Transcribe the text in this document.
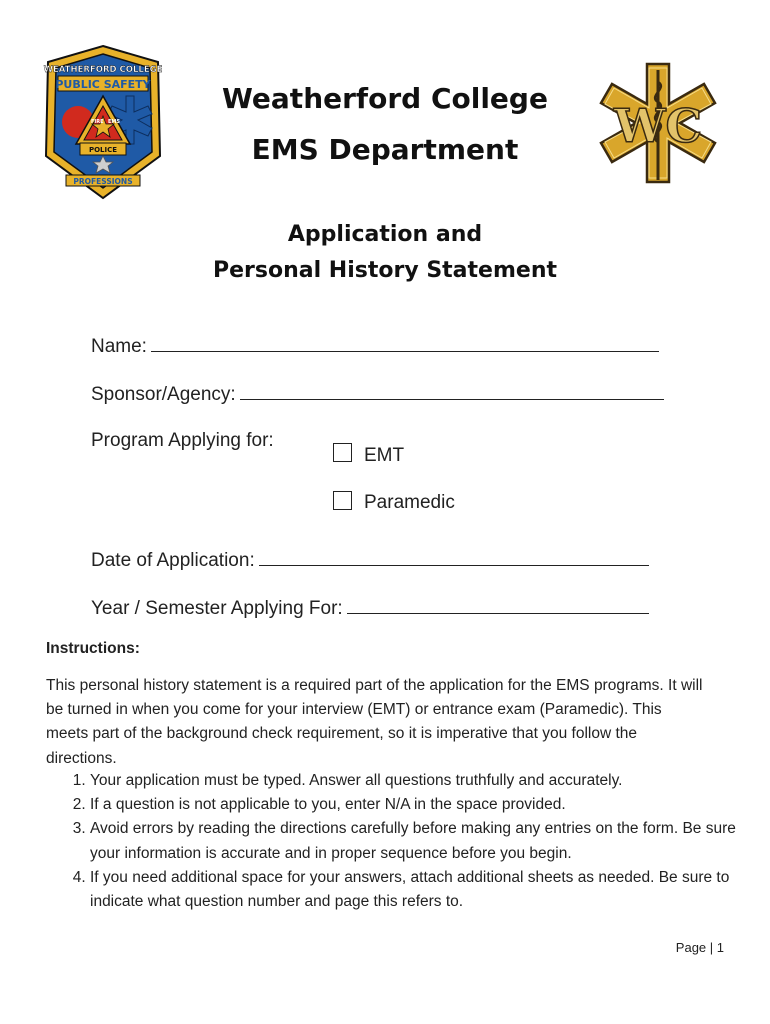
WEATHERFORD COLLEGE
PUBLIC SAFETY
FIRE EMS
POLICE
PROFESSIONS
WC
Weatherford College
EMS Department
Application and
Personal History Statement
Name:
Sponsor/Agency:
Program Applying for:
EMT
Paramedic
Date of Application:
Year / Semester Applying For:
Instructions:
This personal history statement is a required part of the application for the EMS programs. It will be turned in when you come for your interview (EMT) or entrance exam (Paramedic). This meets part of the background check requirement, so it is imperative that you follow the directions.
1. Your application must be typed. Answer all questions truthfully and accurately.
2. If a question is not applicable to you, enter N/A in the space provided.
3. Avoid errors by reading the directions carefully before making any entries on the form. Be sure your information is accurate and in proper sequence before you begin.
4. If you need additional space for your answers, attach additional sheets as needed. Be sure to indicate what question number and page this refers to.
Page | 1
